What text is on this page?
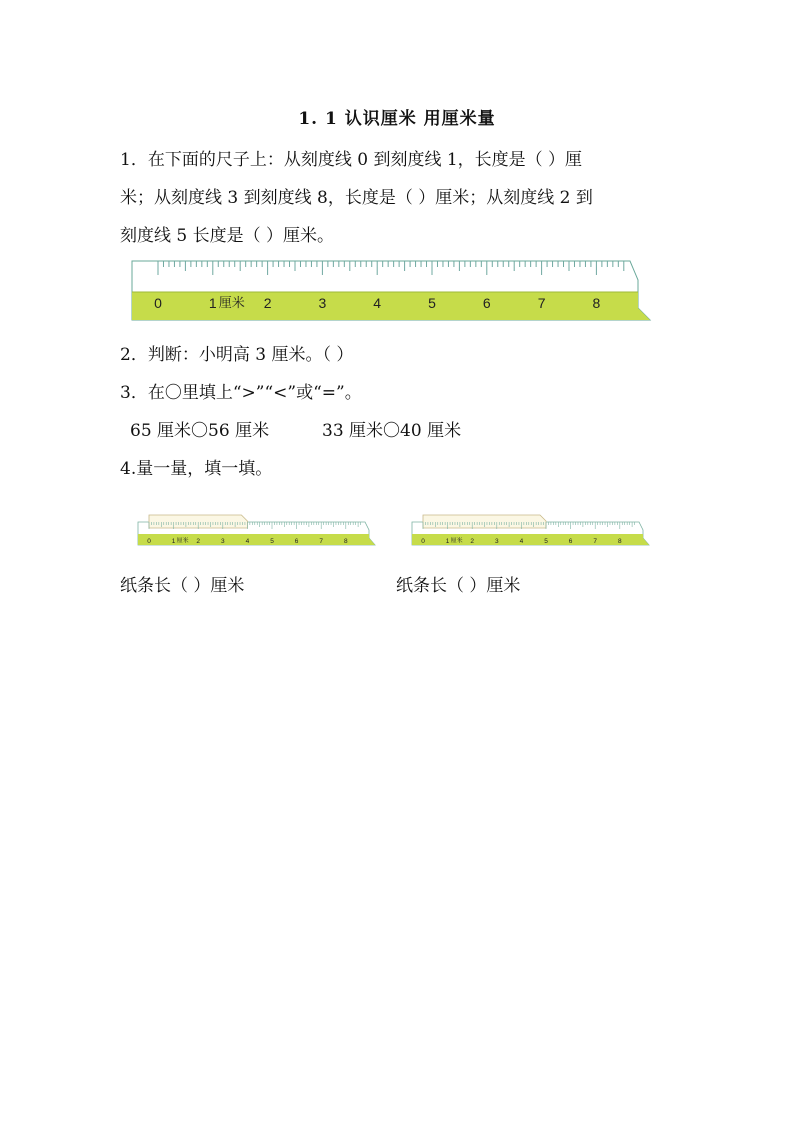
1. 1 认识厘米 用厘米量
1．在下面的尺子上：从刻度线 0 到刻度线 1，长度是（ ）厘
米；从刻度线 3 到刻度线 8，长度是（ ）厘米；从刻度线 2 到
刻度线 5 长度是（ ）厘米。
0	1	2	3	4	5	6	7	8
厘米
2．判断：小明高 3 厘米。（ ）
3．在〇里填上“>”“<”或“=”。
65 厘米〇56 厘米	33 厘米〇40 厘米
4.量一量，填一填。
0	1	2	3	4	5	6	7	8
厘米	0	1	2	3	4	5	6	7	8
厘米
纸条长（ ）厘米	纸条长（ ）厘米
